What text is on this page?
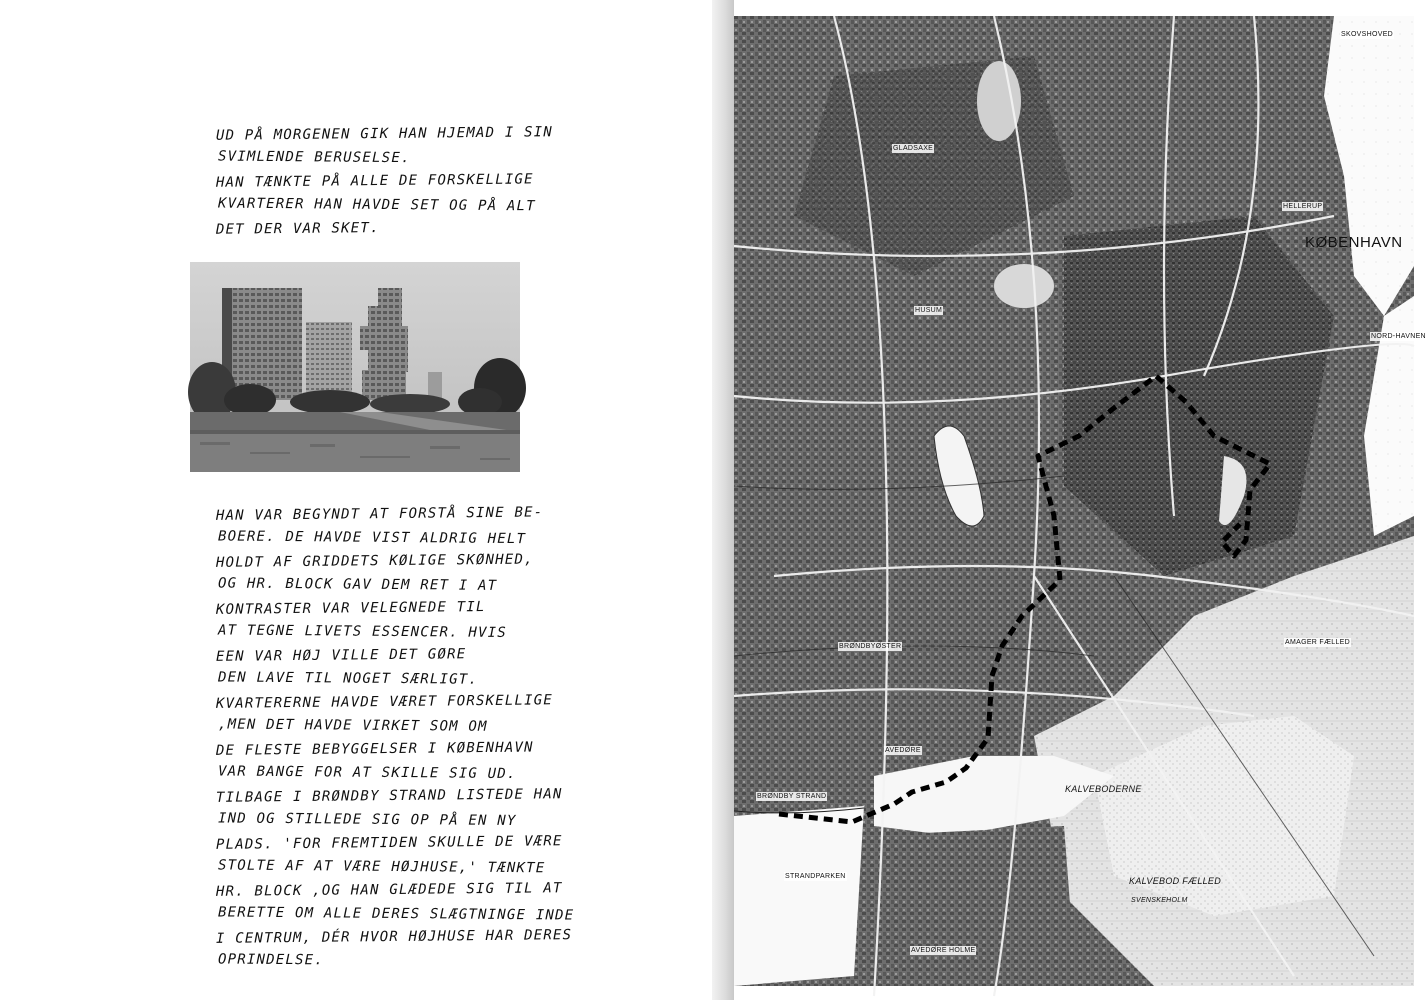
UD PÅ MORGENEN GIK HAN HJEMAD I SIN
SVIMLENDE BERUSELSE.
HAN TÆNKTE PÅ ALLE DE FORSKELLIGE
KVARTERER HAN HAVDE SET OG PÅ ALT
DET DER VAR SKET.
HAN VAR BEGYNDT AT FORSTÅ SINE BE-
BOERE. DE HAVDE VIST ALDRIG HELT
HOLDT AF GRIDDETS KØLIGE SKØNHED,
OG HR. BLOCK GAV DEM RET I AT
KONTRASTER VAR VELEGNEDE TIL
AT TEGNE LIVETS ESSENCER. HVIS
EEN VAR HØJ VILLE DET GØRE
DEN LAVE TIL NOGET SÆRLIGT.
KVARTERERNE HAVDE VÆRET FORSKELLIGE
,MEN DET HAVDE VIRKET SOM OM
DE FLESTE BEBYGGELSER I KØBENHAVN
VAR BANGE FOR AT SKILLE SIG UD.
TILBAGE I BRØNDBY STRAND LISTEDE HAN
IND OG STILLEDE SIG OP PÅ EN NY
PLADS. 'FOR FREMTIDEN SKULLE DE VÆRE
STOLTE AF AT VÆRE HØJHUSE,' TÆNKTE
HR. BLOCK ,OG HAN GLÆDEDE SIG TIL AT
BERETTE OM ALLE DERES SLÆGTNINGE INDE
I CENTRUM, DÉR HVOR HØJHUSE HAR DERES
OPRINDELSE.
KØBENHAVN
SKOVSHOVED
GLADSAXE
HELLERUP
HUSUM
NORD-HAVNEN
BRØNDBYØSTER
AVEDØRE
BRØNDBY STRAND
KALVEBODERNE
KALVEBOD FÆLLED
SVENSKEHOLM
STRANDPARKEN
AVEDØRE HOLME
AMAGER FÆLLED
